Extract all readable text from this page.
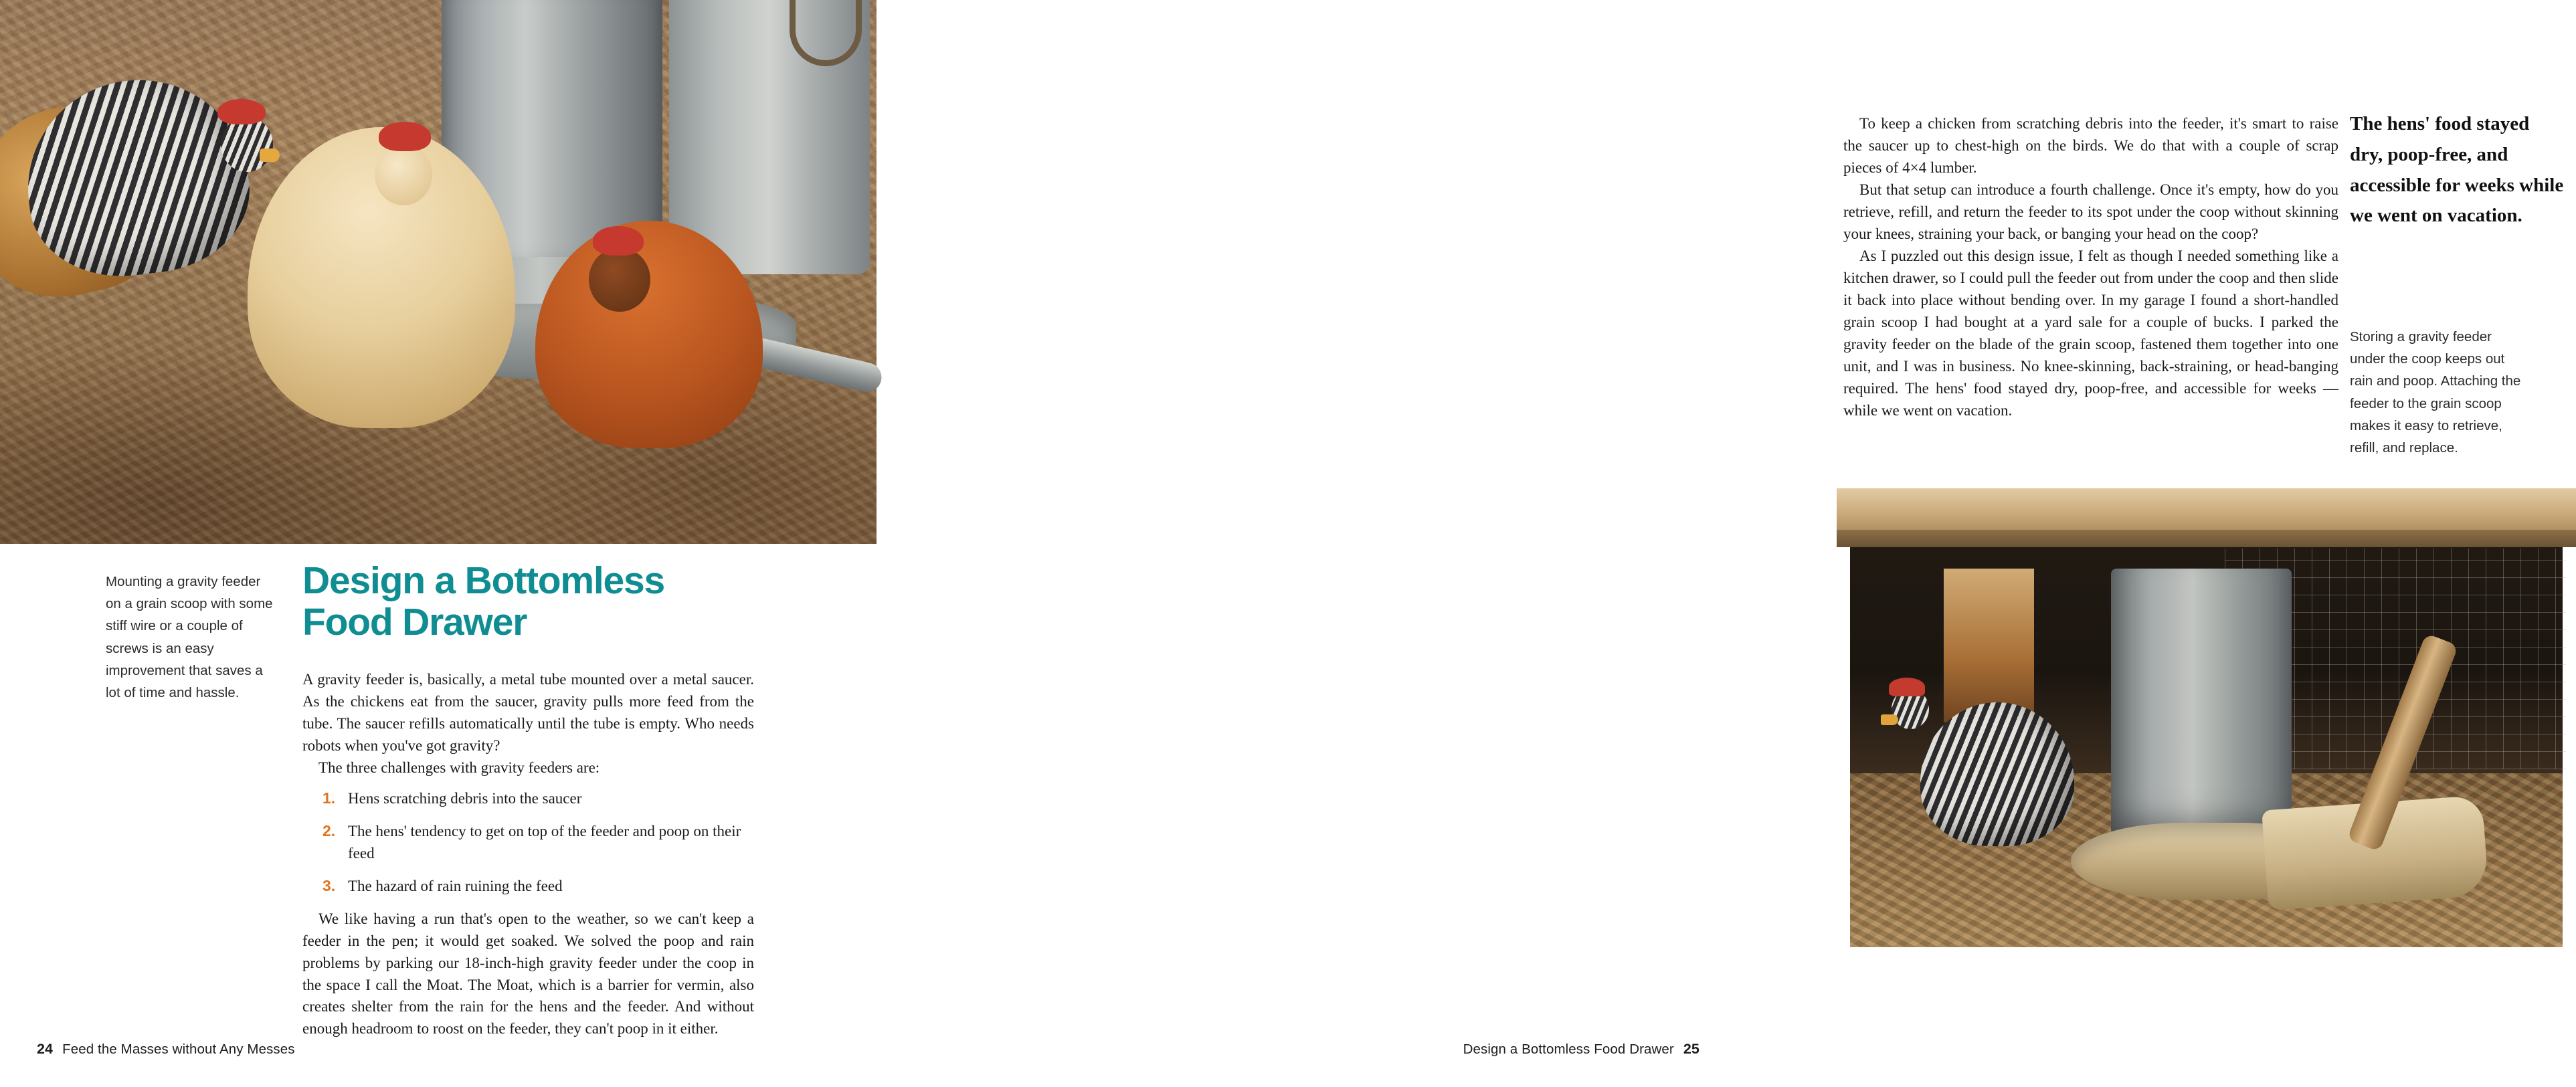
Mounting a gravity feeder on a grain scoop with some stiff wire or a couple of screws is an easy improvement that saves a lot of time and hassle.
Design a Bottomless
Food Drawer

A gravity feeder is, basically, a metal tube mounted over a metal saucer. As the chickens eat from the saucer, gravity pulls more feed from the tube. The saucer refills automatically until the tube is empty. Who needs robots when you've got gravity?

The three challenges with gravity feeders are:

Hens scratching debris into the saucer
The hens' tendency to get on top of the feeder and poop on their feed
The hazard of rain ruining the feed

We like having a run that's open to the weather, so we can't keep a feeder in the pen; it would get soaked. We solved the poop and rain problems by parking our 18-inch-high gravity feeder under the coop in the space I call the Moat. The Moat, which is a barrier for vermin, also creates shelter from the rain for the hens and the feeder. And without enough headroom to roost on the feeder, they can't poop in it either.

24 Feed the Masses without Any Messes

To keep a chicken from scratching debris into the feeder, it's smart to raise the saucer up to chest-high on the birds. We do that with a couple of scrap pieces of 4×4 lumber.

But that setup can introduce a fourth challenge. Once it's empty, how do you retrieve, refill, and return the feeder to its spot under the coop without skinning your knees, straining your back, or banging your head on the coop?

As I puzzled out this design issue, I felt as though I needed something like a kitchen drawer, so I could pull the feeder out from under the coop and then slide it back into place without bending over. In my garage I found a short-handled grain scoop I had bought at a yard sale for a couple of bucks. I parked the gravity feeder on the blade of the grain scoop, fastened them together into one unit, and I was in business. No knee-skinning, back-straining, or head-banging required. The hens' food stayed dry, poop-free, and accessible for weeks — while we went on vacation.

The hens' food stayed dry, poop-free, and accessible for weeks while we went on vacation.
Storing a gravity feeder under the coop keeps out rain and poop. Attaching the feeder to the grain scoop makes it easy to retrieve, refill, and replace.
Design a Bottomless Food Drawer 25
